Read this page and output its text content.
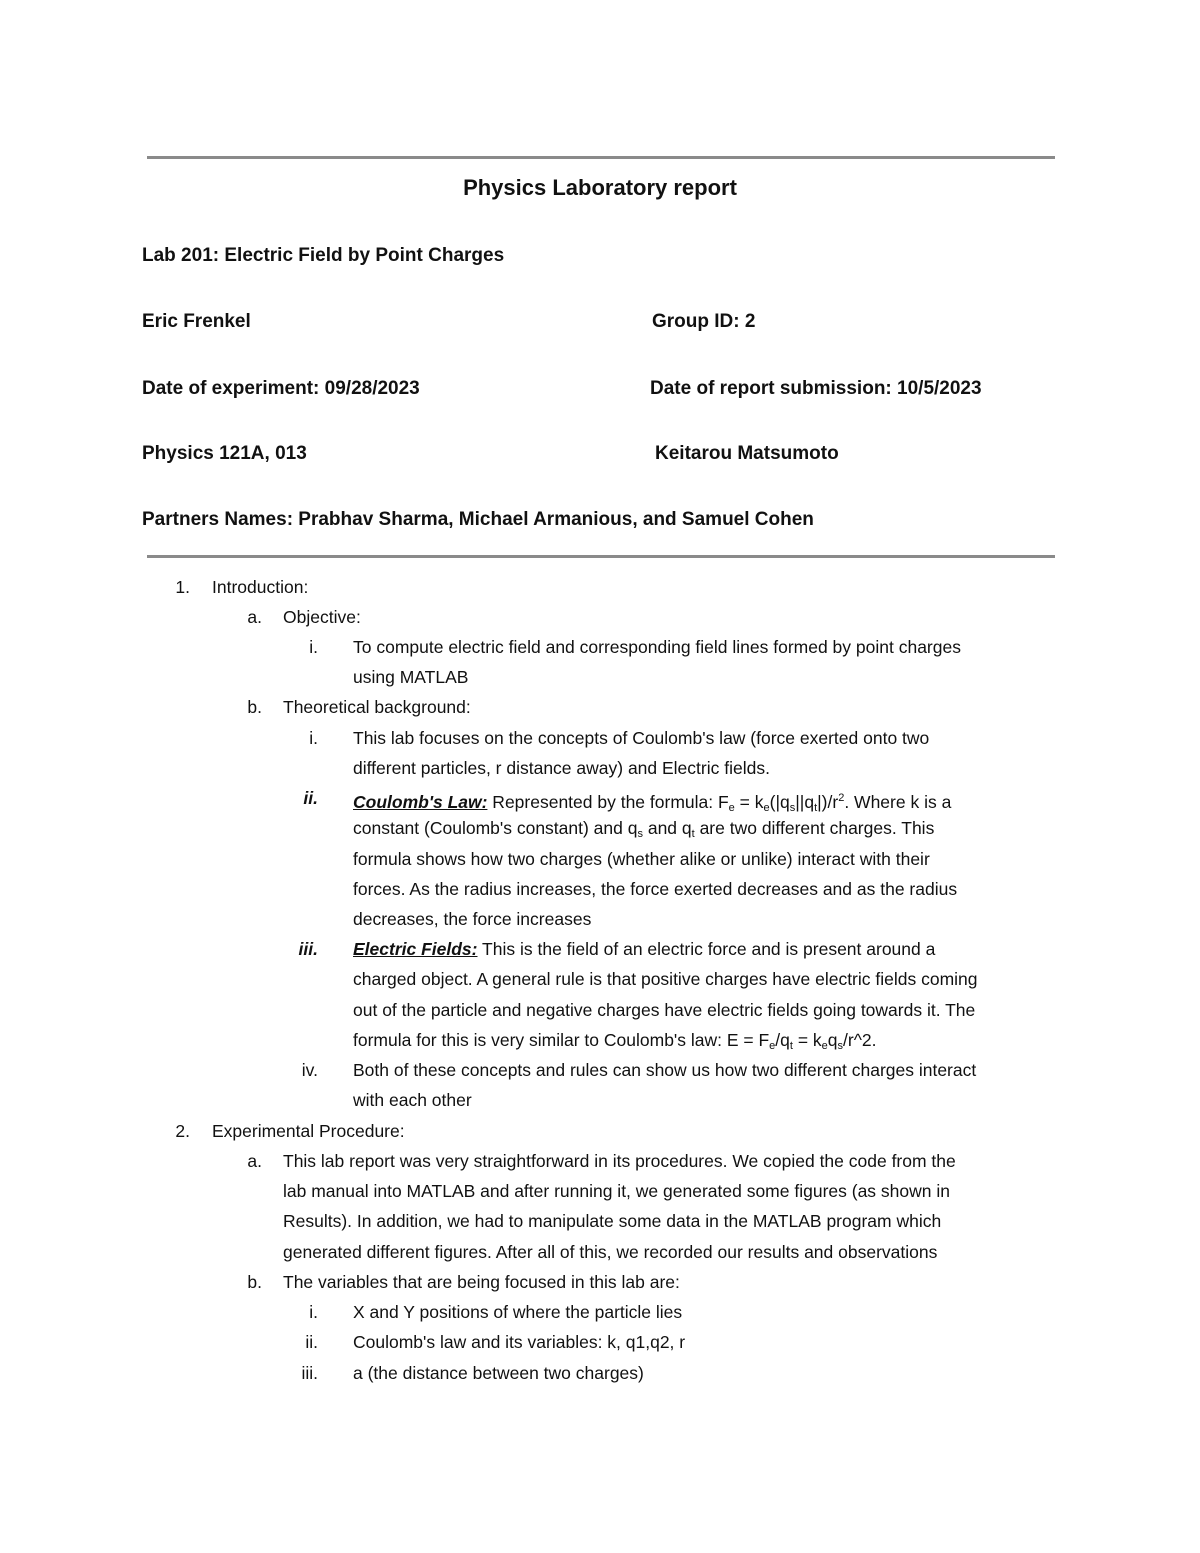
Physics Laboratory report
Lab 201: Electric Field by Point Charges
Eric Frenkel	Group ID: 2
Date of experiment: 09/28/2023	Date of report submission: 10/5/2023
Physics 121A, 013	Keitarou Matsumoto
Partners Names: Prabhav Sharma, Michael Armanious, and Samuel Cohen
1. Introduction:
a. Objective:
i. To compute electric field and corresponding field lines formed by point charges
using MATLAB
b. Theoretical background:
i. This lab focuses on the concepts of Coulomb's law (force exerted onto two
different particles, r distance away) and Electric fields.
ii. Coulomb's Law: Represented by the formula: $F_e = k_e(|q_s||q_t|)/r^2$. Where k is a
constant (Coulomb's constant) and $q_s$ and $q_t$ are two different charges. This
formula shows how two charges (whether alike or unlike) interact with their
forces. As the radius increases, the force exerted decreases and as the radius
decreases, the force increases
iii. Electric Fields: This is the field of an electric force and is present around a
charged object. A general rule is that positive charges have electric fields coming
out of the particle and negative charges have electric fields going towards it. The
formula for this is very similar to Coulomb's law: $E = F_e/q_t$ = $k_eq_s/r\^{}2$.
iv. Both of these concepts and rules can show us how two different charges interact
with each other
2. Experimental Procedure:
a. This lab report was very straightforward in its procedures. We copied the code from the
lab manual into MATLAB and after running it, we generated some figures (as shown in
Results). In addition, we had to manipulate some data in the MATLAB program which
generated different figures. After all of this, we recorded our results and observations
b. The variables that are being focused in this lab are:
i. X and Y positions of where the particle lies
ii. Coulomb's law and its variables: k, q1,q2, r
iii. a (the distance between two charges)
